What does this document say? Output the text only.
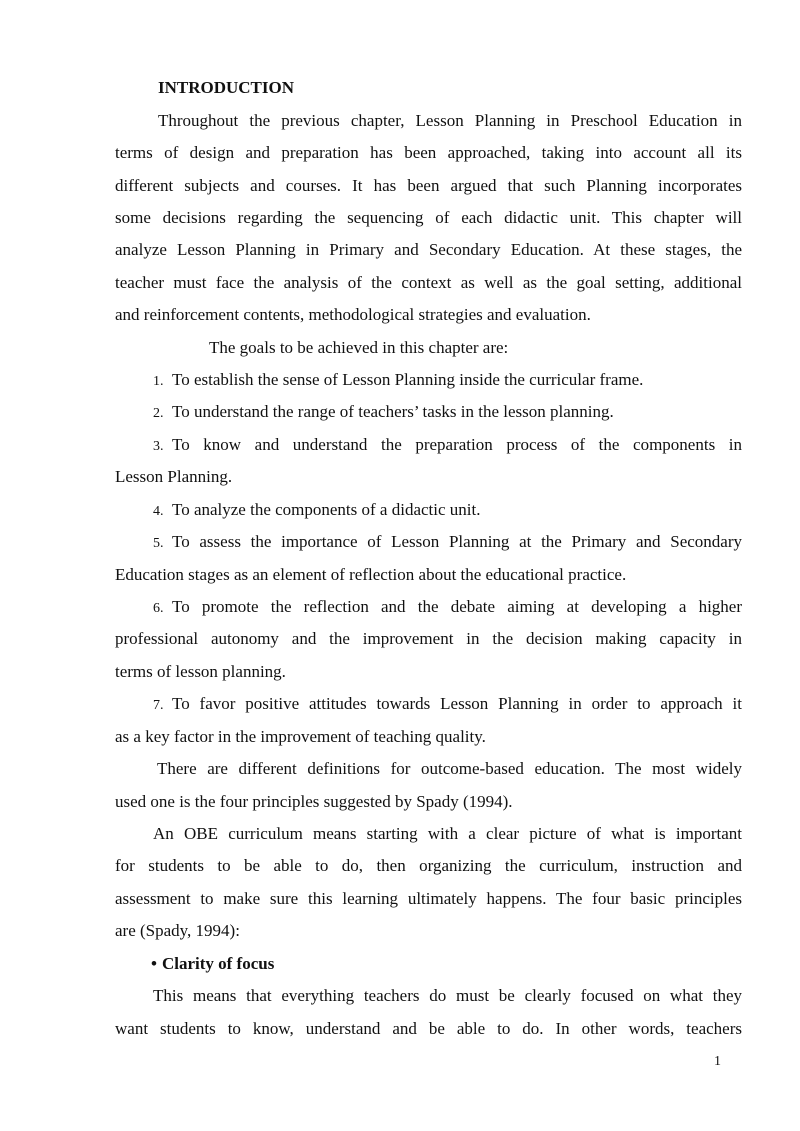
INTRODUCTION

Throughout the previous chapter, Lesson Planning in Preschool Education in

terms of design and preparation has been approached, taking into account all its

different subjects and courses. It has been argued that such Planning incorporates

some decisions regarding the sequencing of each didactic unit. This chapter will

analyze Lesson Planning in Primary and Secondary Education. At these stages, the

teacher must face the analysis of the context as well as the goal setting, additional

and reinforcement contents, methodological strategies and evaluation.

The goals to be achieved in this chapter are:

1. To establish the sense of Lesson Planning inside the curricular frame.

2. To understand the range of teachers’ tasks in the lesson planning.

3. To know and understand the preparation process of the components in

Lesson Planning.

4. To analyze the components of a didactic unit.

5. To assess the importance of Lesson Planning at the Primary and Secondary

Education stages as an element of reflection about the educational practice.

6. To promote the reflection and the debate aiming at developing a higher

professional autonomy and the improvement in the decision making capacity in

terms of lesson planning.

7. To favor positive attitudes towards Lesson Planning in order to approach it

as a key factor in the improvement of teaching quality.

There are different definitions for outcome-based education. The most widely

used one is the four principles suggested by Spady (1994).

An OBE curriculum means starting with a clear picture of what is important

for students to be able to do, then organizing the curriculum, instruction and

assessment to make sure this learning ultimately happens. The four basic principles

are (Spady, 1994):

• Clarity of focus

This means that everything teachers do must be clearly focused on what they

want students to know, understand and be able to do. In other words, teachers

1
